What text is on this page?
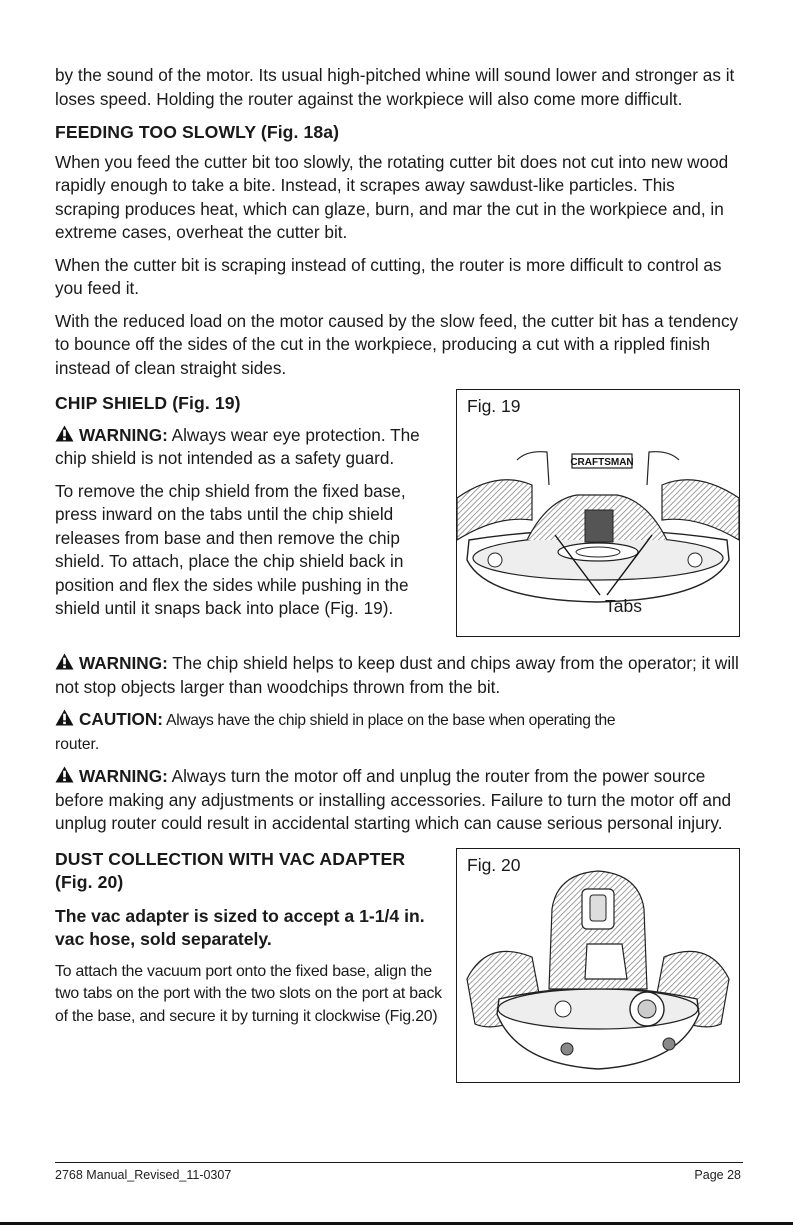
by the sound of the motor. Its usual high-pitched whine will sound lower and stronger as it loses speed. Holding the router against the workpiece will also come more difficult.

FEEDING TOO SLOWLY (Fig. 18a)

When you feed the cutter bit too slowly, the rotating cutter bit does not cut into new wood rapidly enough to take a bite. Instead, it scrapes away sawdust-like particles. This scraping produces heat, which can glaze, burn, and mar the cut in the workpiece and, in extreme cases, overheat the cutter bit.

When the cutter bit is scraping instead of cutting, the router is more difficult to control as you feed it.

With the reduced load on the motor caused by the slow feed, the cutter bit has a tendency to bounce off the sides of the cut in the workpiece, producing a cut with a rippled finish instead of clean straight sides.

CHIP SHIELD (Fig. 19)

WARNING: Always wear eye protection. The chip shield is not intended as a safety guard.

To remove the chip shield from the fixed base, press inward on the tabs until the chip shield releases from base and then remove the chip shield. To attach, place the chip shield back in position and flex the sides while pushing in the shield until it snaps back into place (Fig. 19).

Fig. 19
CRAFTSMAN
Tabs

WARNING: The chip shield helps to keep dust and chips away from the operator; it will not stop objects larger than woodchips thrown from the bit.

CAUTION: Always have the chip shield in place on the base when operating the
router.

WARNING: Always turn the motor off and unplug the router from the power source before making any adjustments or installing accessories. Failure to turn the motor off and unplug router could result in accidental starting which can cause serious personal injury.

DUST COLLECTION WITH VAC ADAPTER
(Fig. 20)

The vac adapter is sized to accept a 1-1/4 in. vac hose, sold separately.

To attach the vacuum port onto the fixed base, align the two tabs on the port with the two slots on the port at back of the base, and secure it by turning it clockwise (Fig.20)

Fig. 20
2768 Manual_Revised_11-0307	Page 28
